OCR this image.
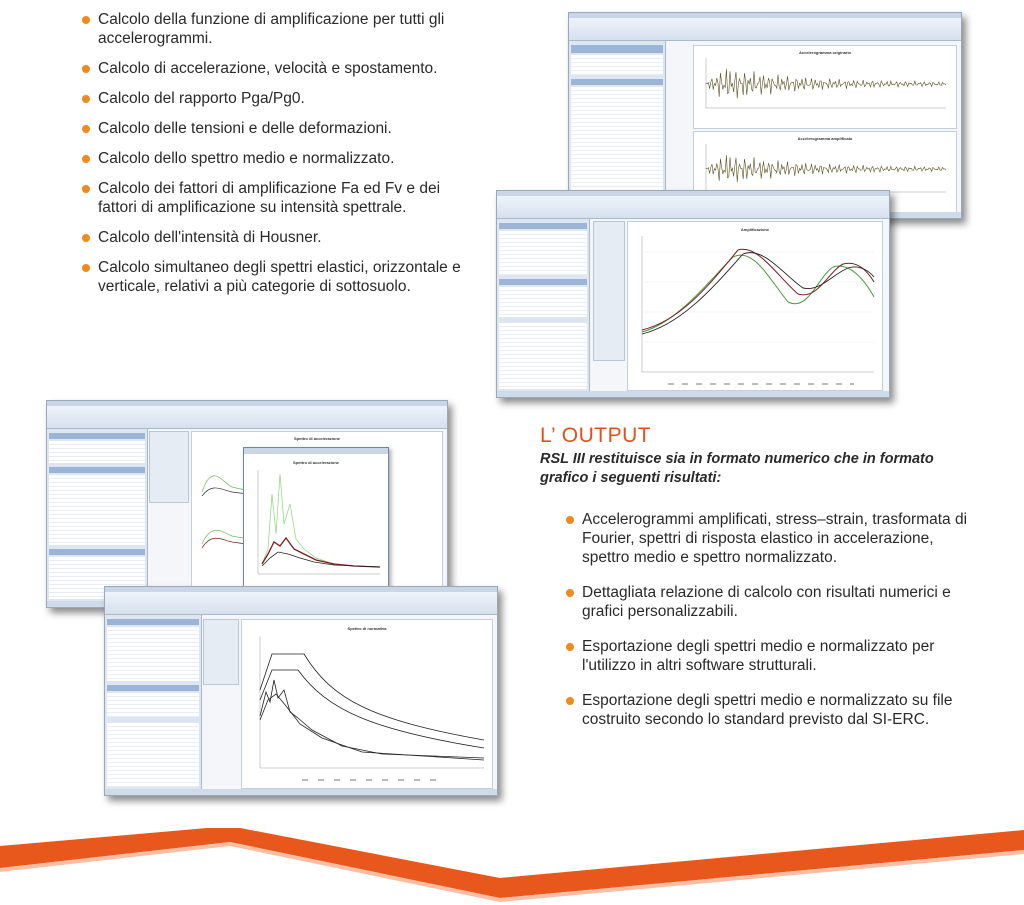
Calcolo della funzione di amplificazione per tutti gli accelerogrammi.
Calcolo di accelerazione, velocità e spostamento.
Calcolo del rapporto Pga/Pg0.
Calcolo delle tensioni e delle deformazioni.
Calcolo dello spettro medio e normalizzato.
Calcolo dei fattori di amplificazione Fa ed Fv e dei fattori di amplificazione su intensità spettrale.
Calcolo dell'intensità di Housner.
Calcolo simultaneo degli spettri elastici, orizzontale e verticale, relativi a più categorie di sottosuolo.
Accelerogramma originario
Accelerogramma amplificato
Amplificazione
Spettro di accelerazione
Spettro di accelerazione
Spettro di normativa
L’ OUTPUT
RSL III restituisce sia in formato numerico che in formato grafico i seguenti risultati:
Accelerogrammi amplificati, stress–strain, trasformata di Fourier, spettri di risposta elastico in accelerazione, spettro medio e spettro normalizzato.
Dettagliata relazione di calcolo con risultati numerici e grafici personalizzabili.
Esportazione degli spettri medio e normalizzato per l'utilizzo in altri software strutturali.
Esportazione degli spettri medio e normalizzato su file costruito secondo lo standard previsto dal SI-ERC.
